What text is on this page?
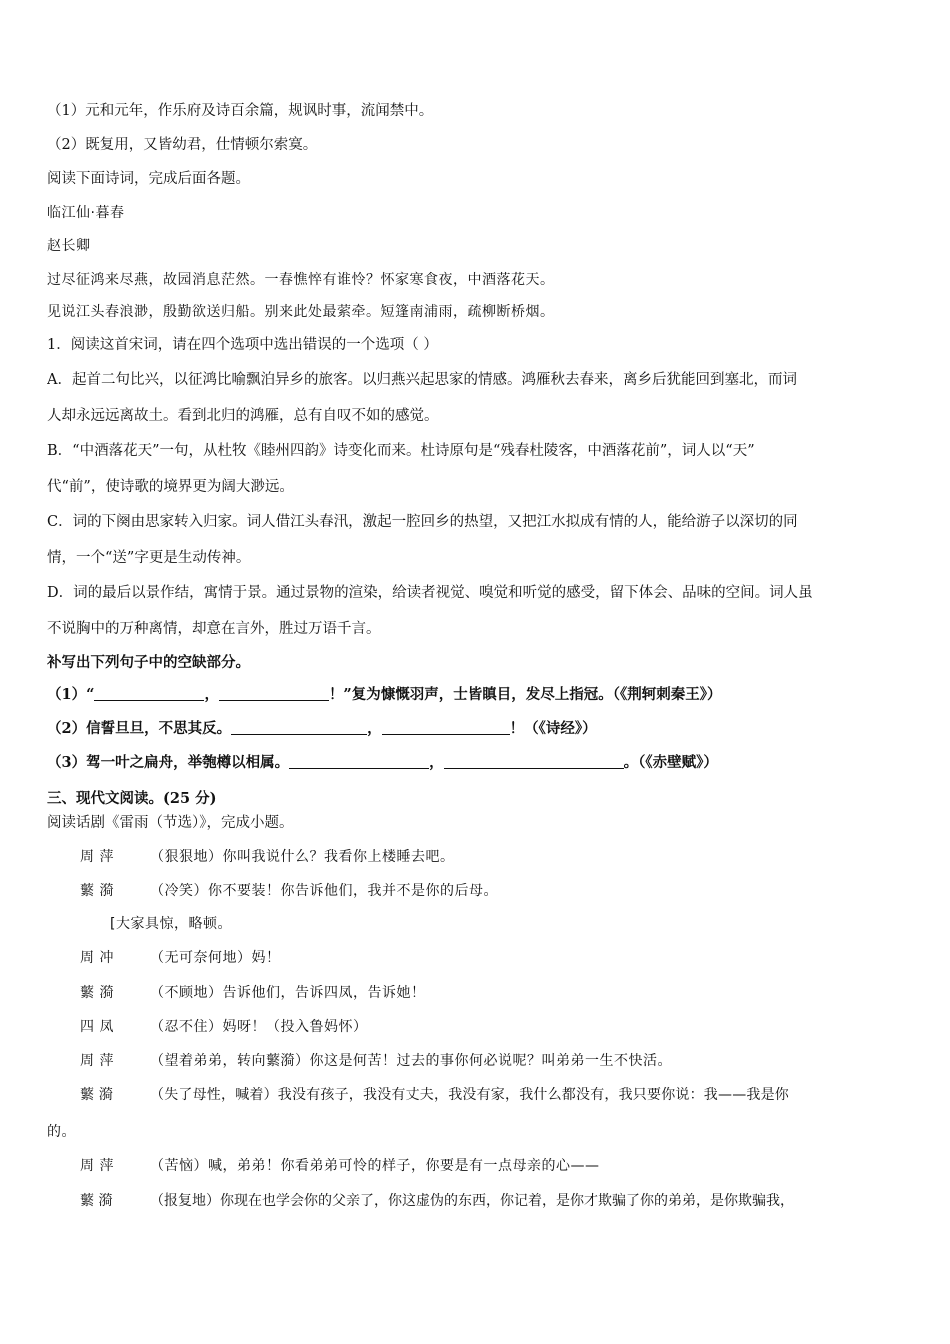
（1）元和元年，作乐府及诗百余篇，规讽时事，流闻禁中。
（2）既复用，又皆幼君，仕情顿尔索寞。
阅读下面诗词，完成后面各题。
临江仙·暮春
赵长卿
过尽征鸿来尽燕，故园消息茫然。一春憔悴有谁怜？怀家寒食夜，中酒落花天。
见说江头春浪渺，殷勤欲送归船。别来此处最萦牵。短篷南浦雨，疏柳断桥烟。
1．阅读这首宋词，请在四个选项中选出错误的一个选项（ ）
A．起首二句比兴，以征鸿比喻飘泊异乡的旅客。以归燕兴起思家的情感。鸿雁秋去春来，离乡后犹能回到塞北，而词
人却永远远离故土。看到北归的鸿雁，总有自叹不如的感觉。
B．“中酒落花天”一句，从杜牧《睦州四韵》诗变化而来。杜诗原句是“残春杜陵客，中酒落花前”，词人以“天”
代“前”，使诗歌的境界更为阔大渺远。
C．词的下阕由思家转入归家。词人借江头春汛，激起一腔回乡的热望，又把江水拟成有情的人，能给游子以深切的同
情，一个“送”字更是生动传神。
D．词的最后以景作结，寓情于景。通过景物的渲染，给读者视觉、嗅觉和听觉的感受，留下体会、品味的空间。词人虽
不说胸中的万种离情，却意在言外，胜过万语千言。
补写出下列句子中的空缺部分。
（1）“	，	！”复为慷慨羽声，士皆瞋目，发尽上指冠。（《荆轲刺秦王》）
（2）信誓旦旦，不思其反。	，	！（《诗经》）
（3）驾一叶之扁舟，举匏樽以相属。	，	。（《赤壁赋》）
三、现代文阅读。(25 分)
阅读话剧《雷雨（节选）》，完成小题。
周 萍	（狠狠地）你叫我说什么？我看你上楼睡去吧。
蘩 漪	（冷笑）你不要装！你告诉他们，我并不是你的后母。
[大家具惊，略顿。
周 冲	（无可奈何地）妈！
蘩 漪	（不顾地）告诉他们，告诉四凤，告诉她！
四 凤	（忍不住）妈呀！（投入鲁妈怀）
周 萍	（望着弟弟，转向蘩漪）你这是何苦！过去的事你何必说呢？叫弟弟一生不快活。
蘩 漪	（失了母性，喊着）我没有孩子，我没有丈夫，我没有家，我什么都没有，我只要你说：我——我是你
的。
周 萍	（苦恼）喊，弟弟！你看弟弟可怜的样子，你要是有一点母亲的心——
蘩 漪	（报复地）你现在也学会你的父亲了，你这虚伪的东西，你记着，是你才欺骗了你的弟弟，是你欺骗我，
